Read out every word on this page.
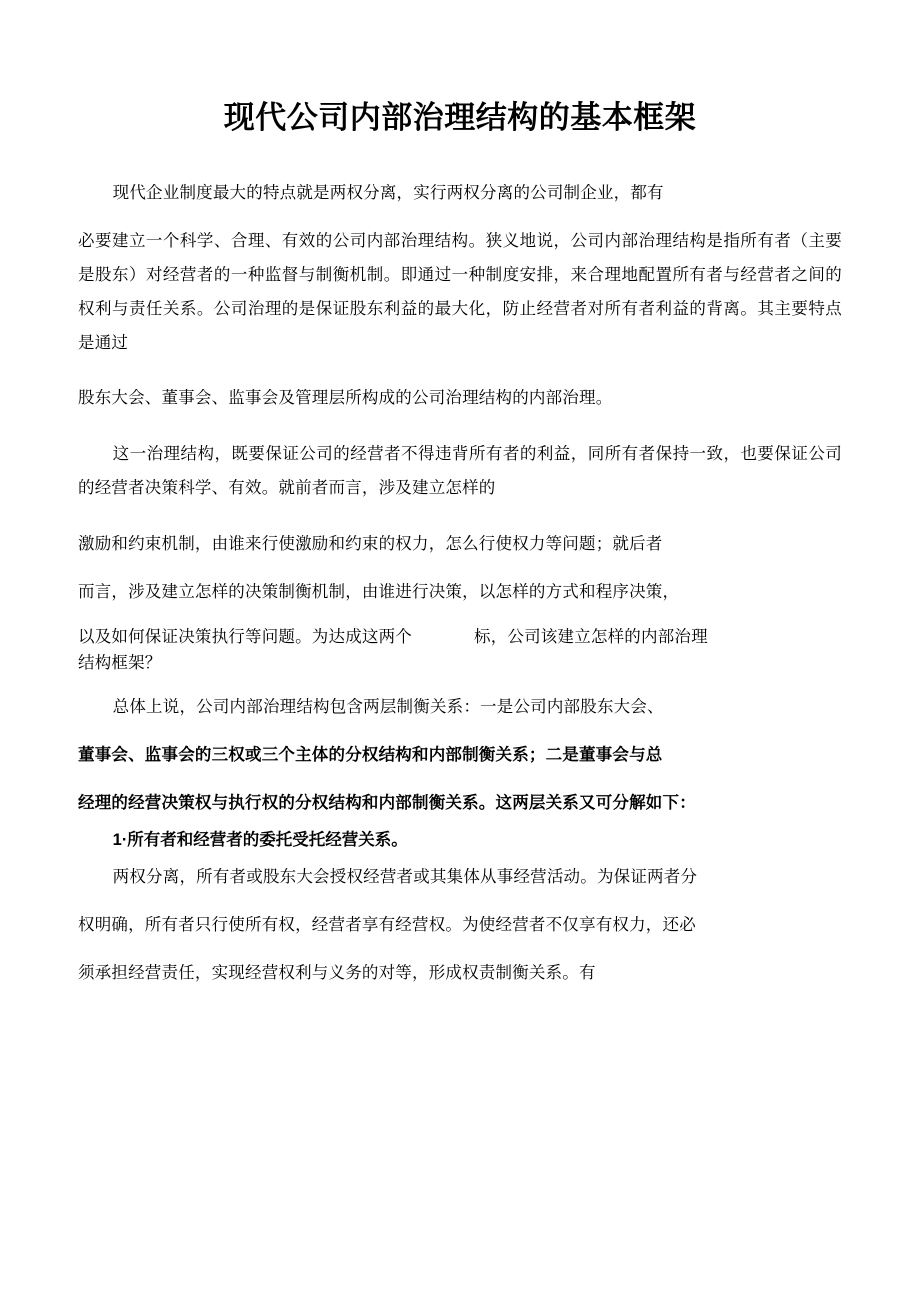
现代公司内部治理结构的基本框架

现代企业制度最大的特点就是两权分离，实行两权分离的公司制企业，都有

必要建立一个科学、合理、有效的公司内部治理结构。狭义地说，公司内部治理结构是指所有者（主要是股东）对经营者的一种监督与制衡机制。即通过一种制度安排，来合理地配置所有者与经营者之间的权利与责任关系。公司治理的是保证股东利益的最大化，防止经营者对所有者利益的背离。其主要特点是通过

股东大会、董事会、监事会及管理层所构成的公司治理结构的内部治理。

这一治理结构，既要保证公司的经营者不得违背所有者的利益，同所有者保持一致，也要保证公司的经营者决策科学、有效。就前者而言，涉及建立怎样的

激励和约束机制，由谁来行使激励和约束的权力，怎么行使权力等问题；就后者

而言，涉及建立怎样的决策制衡机制，由谁进行决策，以怎样的方式和程序决策，

以及如何保证决策执行等问题。为达成这两个	标，公司该建立怎样的内部治理

结构框架？

总体上说，公司内部治理结构包含两层制衡关系：一是公司内部股东大会、

董事会、监事会的三权或三个主体的分权结构和内部制衡关系；二是董事会与总

经理的经营决策权与执行权的分权结构和内部制衡关系。这两层关系又可分解如下：

1·所有者和经营者的委托受托经营关系。

两权分离，所有者或股东大会授权经营者或其集体从事经营活动。为保证两者分

权明确，所有者只行使所有权，经营者享有经营权。为使经营者不仅享有权力，还必

须承担经营责任，实现经营权利与义务的对等，形成权责制衡关系。有
